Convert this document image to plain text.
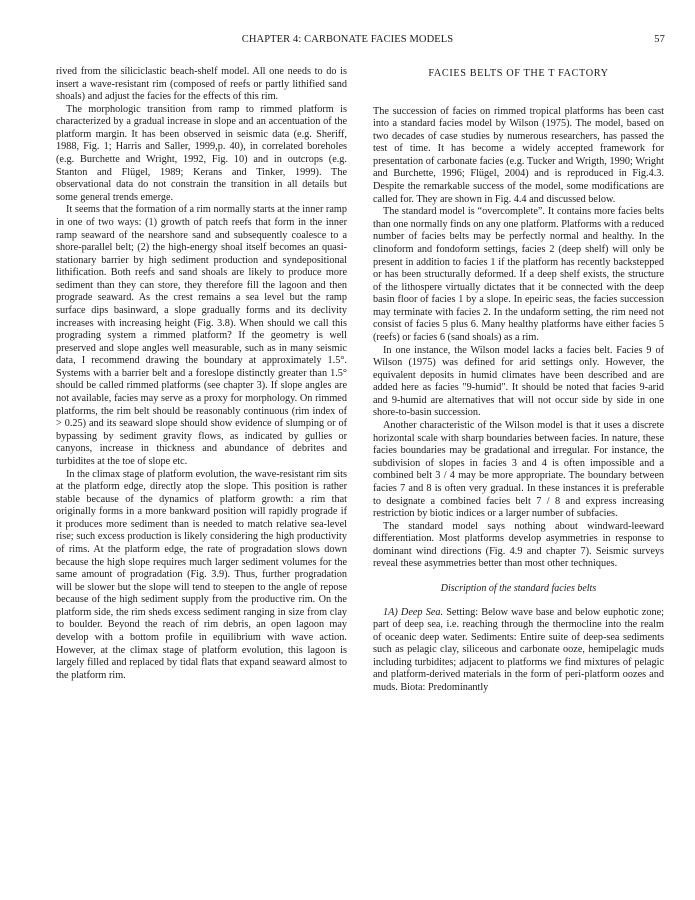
CHAPTER 4: CARBONATE FACIES MODELS	57

rived from the siliciclastic beach-shelf model. All one needs to do is insert a wave-resistant rim (composed of reefs or partly lithified sand shoals) and adjust the facies for the effects of this rim.

The morphologic transition from ramp to rimmed platform is characterized by a gradual increase in slope and an accentuation of the platform margin. It has been observed in seismic data (e.g. Sheriff, 1988, Fig. 1; Harris and Saller, 1999,p. 40), in correlated boreholes (e.g. Burchette and Wright, 1992, Fig. 10) and in outcrops (e.g. Stanton and Flügel, 1989; Kerans and Tinker, 1999). The observational data do not constrain the transition in all details but some general trends emerge.

It seems that the formation of a rim normally starts at the inner ramp in one of two ways: (1) growth of patch reefs that form in the inner ramp seaward of the nearshore sand and subsequently coalesce to a shore-parallel belt; (2) the high-energy shoal itself becomes an quasi-stationary barrier by high sediment production and syndepositional lithification. Both reefs and sand shoals are likely to produce more sediment than they can store, they therefore fill the lagoon and then prograde seaward. As the crest remains a sea level but the ramp surface dips basinward, a slope gradually forms and its declivity increases with increasing height (Fig. 3.8). When should we call this prograding system a rimmed platform? If the geometry is well preserved and slope angles well measurable, such as in many seismic data, I recommend drawing the boundary at approximately 1.5°. Systems with a barrier belt and a foreslope distinctly greater than 1.5° should be called rimmed platforms (see chapter 3). If slope angles are not available, facies may serve as a proxy for morphology. On rimmed platforms, the rim belt should be reasonably continuous (rim index of > 0.25) and its seaward slope should show evidence of slumping or of bypassing by sediment gravity flows, as indicated by gullies or canyons, increase in thickness and abundance of debrites and turbidites at the toe of slope etc.

In the climax stage of platform evolution, the wave-resistant rim sits at the platform edge, directly atop the slope. This position is rather stable because of the dynamics of platform growth: a rim that originally forms in a more bankward position will rapidly prograde if it produces more sediment than is needed to match relative sea-level rise; such excess production is likely considering the high productivity of rims. At the platform edge, the rate of progradation slows down because the high slope requires much larger sediment volumes for the same amount of progradation (Fig. 3.9). Thus, further progradation will be slower but the slope will tend to steepen to the angle of repose because of the high sediment supply from the productive rim. On the platform side, the rim sheds excess sediment ranging in size from clay to boulder. Beyond the reach of rim debris, an open lagoon may develop with a bottom profile in equilibrium with wave action. However, at the climax stage of platform evolution, this lagoon is largely filled and replaced by tidal flats that expand seaward almost to the platform rim.

FACIES BELTS OF THE T FACTORY

The succession of facies on rimmed tropical platforms has been cast into a standard facies model by Wilson (1975). The model, based on two decades of case studies by numerous researchers, has passed the test of time. It has become a widely accepted framework for presentation of carbonate facies (e.g. Tucker and Wrigth, 1990; Wright and Burchette, 1996; Flügel, 2004) and is reproduced in Fig.4.3. Despite the remarkable success of the model, some modifications are called for. They are shown in Fig. 4.4 and discussed below.

The standard model is “overcomplete”. It contains more facies belts than one normally finds on any one platform. Platforms with a reduced number of facies belts may be perfectly normal and healthy. In the clinoform and fondoform settings, facies 2 (deep shelf) will only be present in addition to facies 1 if the platform has recently backstepped or has been structurally deformed. If a deep shelf exists, the structure of the lithospere virtually dictates that it be connected with the deep basin floor of facies 1 by a slope. In epeiric seas, the facies succession may terminate with facies 2. In the undaform setting, the rim need not consist of facies 5 plus 6. Many healthy platforms have either facies 5 (reefs) or facies 6 (sand shoals) as a rim.

In one instance, the Wilson model lacks a facies belt. Facies 9 of Wilson (1975) was defined for arid settings only. However, the equivalent deposits in humid climates have been described and are added here as facies "9-humid". It should be noted that facies 9-arid and 9-humid are alternatives that will not occur side by side in one shore-to-basin succession.

Another characteristic of the Wilson model is that it uses a discrete horizontal scale with sharp boundaries between facies. In nature, these facies boundaries may be gradational and irregular. For instance, the subdivision of slopes in facies 3 and 4 is often impossible and a combined belt 3 / 4 may be more appropriate. The boundary between facies 7 and 8 is often very gradual. In these instances it is preferable to designate a combined facies belt 7 / 8 and express increasing restriction by biotic indices or a larger number of subfacies.

The standard model says nothing about windward-leeward differentiation. Most platforms develop asymmetries in response to dominant wind directions (Fig. 4.9 and chapter 7). Seismic surveys reveal these asymmetries better than most other techniques.

Discription of the standard facies belts

1A) Deep Sea. Setting: Below wave base and below euphotic zone; part of deep sea, i.e. reaching through the thermocline into the realm of oceanic deep water. Sediments: Entire suite of deep-sea sediments such as pelagic clay, siliceous and carbonate ooze, hemipelagic muds including turbidites; adjacent to platforms we find mixtures of pelagic and platform-derived materials in the form of peri-platform oozes and muds. Biota: Predominantly
